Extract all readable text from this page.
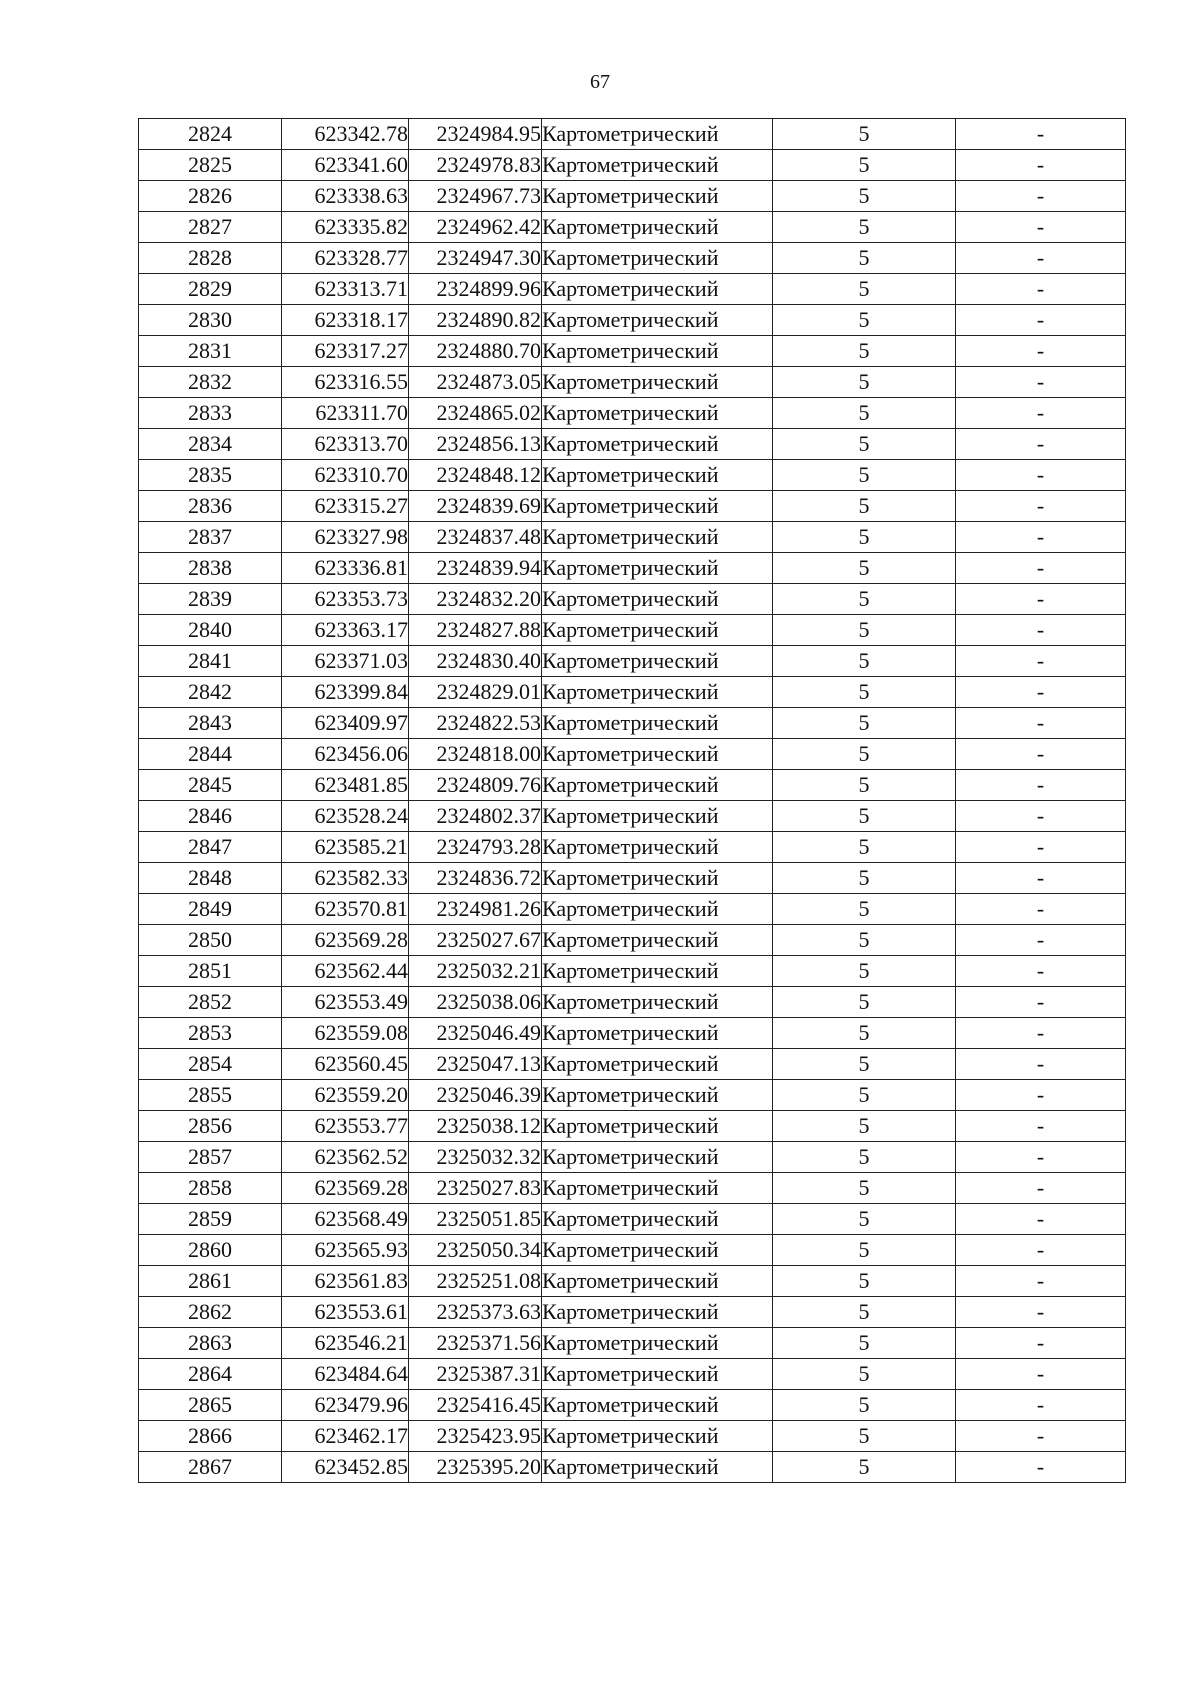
67
2824	623342.78	2324984.95	Картометрический	5	-
2825	623341.60	2324978.83	Картометрический	5	-
2826	623338.63	2324967.73	Картометрический	5	-
2827	623335.82	2324962.42	Картометрический	5	-
2828	623328.77	2324947.30	Картометрический	5	-
2829	623313.71	2324899.96	Картометрический	5	-
2830	623318.17	2324890.82	Картометрический	5	-
2831	623317.27	2324880.70	Картометрический	5	-
2832	623316.55	2324873.05	Картометрический	5	-
2833	623311.70	2324865.02	Картометрический	5	-
2834	623313.70	2324856.13	Картометрический	5	-
2835	623310.70	2324848.12	Картометрический	5	-
2836	623315.27	2324839.69	Картометрический	5	-
2837	623327.98	2324837.48	Картометрический	5	-
2838	623336.81	2324839.94	Картометрический	5	-
2839	623353.73	2324832.20	Картометрический	5	-
2840	623363.17	2324827.88	Картометрический	5	-
2841	623371.03	2324830.40	Картометрический	5	-
2842	623399.84	2324829.01	Картометрический	5	-
2843	623409.97	2324822.53	Картометрический	5	-
2844	623456.06	2324818.00	Картометрический	5	-
2845	623481.85	2324809.76	Картометрический	5	-
2846	623528.24	2324802.37	Картометрический	5	-
2847	623585.21	2324793.28	Картометрический	5	-
2848	623582.33	2324836.72	Картометрический	5	-
2849	623570.81	2324981.26	Картометрический	5	-
2850	623569.28	2325027.67	Картометрический	5	-
2851	623562.44	2325032.21	Картометрический	5	-
2852	623553.49	2325038.06	Картометрический	5	-
2853	623559.08	2325046.49	Картометрический	5	-
2854	623560.45	2325047.13	Картометрический	5	-
2855	623559.20	2325046.39	Картометрический	5	-
2856	623553.77	2325038.12	Картометрический	5	-
2857	623562.52	2325032.32	Картометрический	5	-
2858	623569.28	2325027.83	Картометрический	5	-
2859	623568.49	2325051.85	Картометрический	5	-
2860	623565.93	2325050.34	Картометрический	5	-
2861	623561.83	2325251.08	Картометрический	5	-
2862	623553.61	2325373.63	Картометрический	5	-
2863	623546.21	2325371.56	Картометрический	5	-
2864	623484.64	2325387.31	Картометрический	5	-
2865	623479.96	2325416.45	Картометрический	5	-
2866	623462.17	2325423.95	Картометрический	5	-
2867	623452.85	2325395.20	Картометрический	5	-
